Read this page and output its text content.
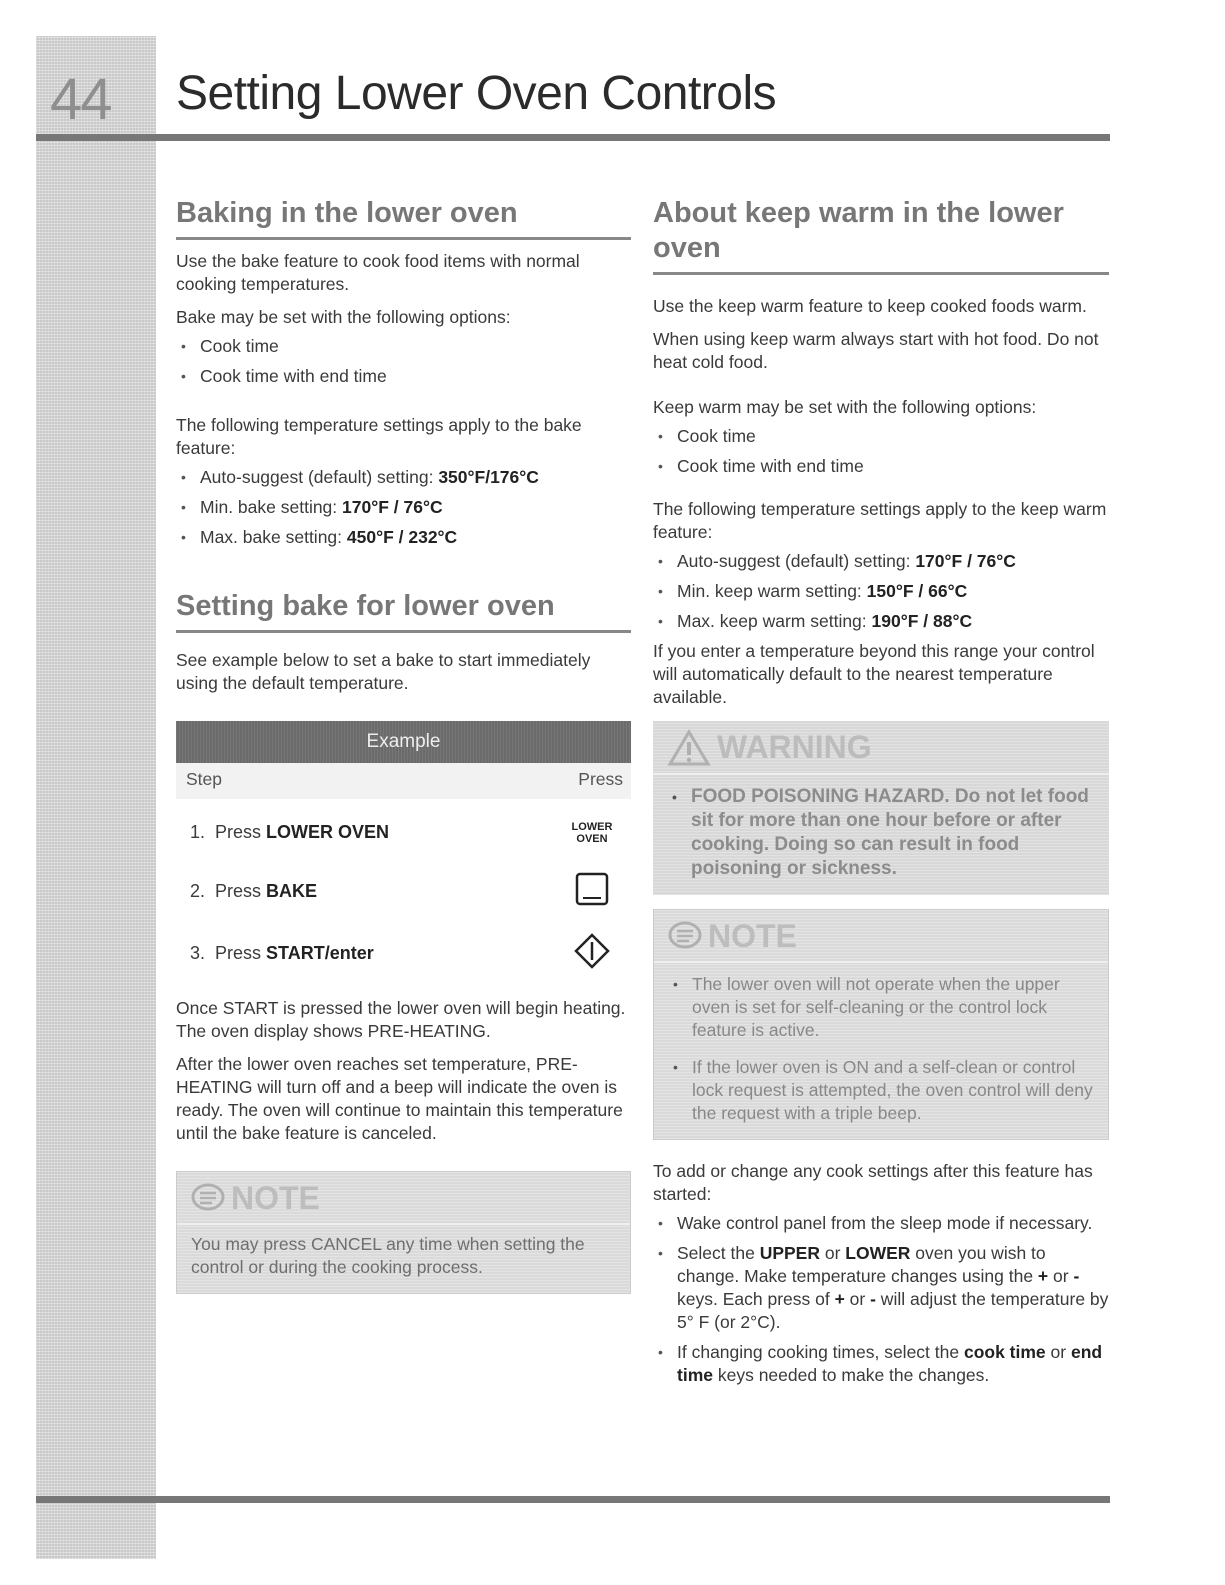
44 Setting Lower Oven Controls
Baking in the lower oven

Use the bake feature to cook food items with normal cooking temperatures.

Bake may be set with the following options:

• Cook time
• Cook time with end time

The following temperature settings apply to the bake feature:

• Auto-suggest (default) setting: 350°F/176°C
• Min. bake setting: 170°F / 76°C
• Max. bake setting: 450°F / 232°C
Setting bake for lower oven

See example below to set a bake to start immediately using the default temperature.

Example
Step	Press
1. Press LOWER OVEN	LOWER
OVEN
2. Press BAKE
3. Press START/enter

Once START is pressed the lower oven will begin heating. The oven display shows PRE-HEATING.

After the lower oven reaches set temperature, PRE-HEATING will turn off and a beep will indicate the oven is ready. The oven will continue to maintain this temperature until the bake feature is canceled.

NOTE

You may press CANCEL any time when setting the control or during the cooking process.

About keep warm in the lower oven

Use the keep warm feature to keep cooked foods warm.

When using keep warm always start with hot food. Do not heat cold food.

Keep warm may be set with the following options:

• Cook time
• Cook time with end time

The following temperature settings apply to the keep warm feature:

• Auto-suggest (default) setting: 170°F / 76°C
• Min. keep warm setting: 150°F / 66°C
• Max. keep warm setting: 190°F / 88°C

If you enter a temperature beyond this range your control will automatically default to the nearest temperature available.

WARNING
• FOOD POISONING HAZARD. Do not let food sit for more than one hour before or after cooking. Doing so can result in food poisoning or sickness.
NOTE
• The lower oven will not operate when the upper oven is set for self-cleaning or the control lock feature is active.
• If the lower oven is ON and a self-clean or control lock request is attempted, the oven control will deny the request with a triple beep.

To add or change any cook settings after this feature has started:

• Wake control panel from the sleep mode if necessary.
• Select the UPPER or LOWER oven you wish to change. Make temperature changes using the + or - keys. Each press of + or - will adjust the temperature by 5° F (or 2°C).
• If changing cooking times, select the cook time or end time keys needed to make the changes.
